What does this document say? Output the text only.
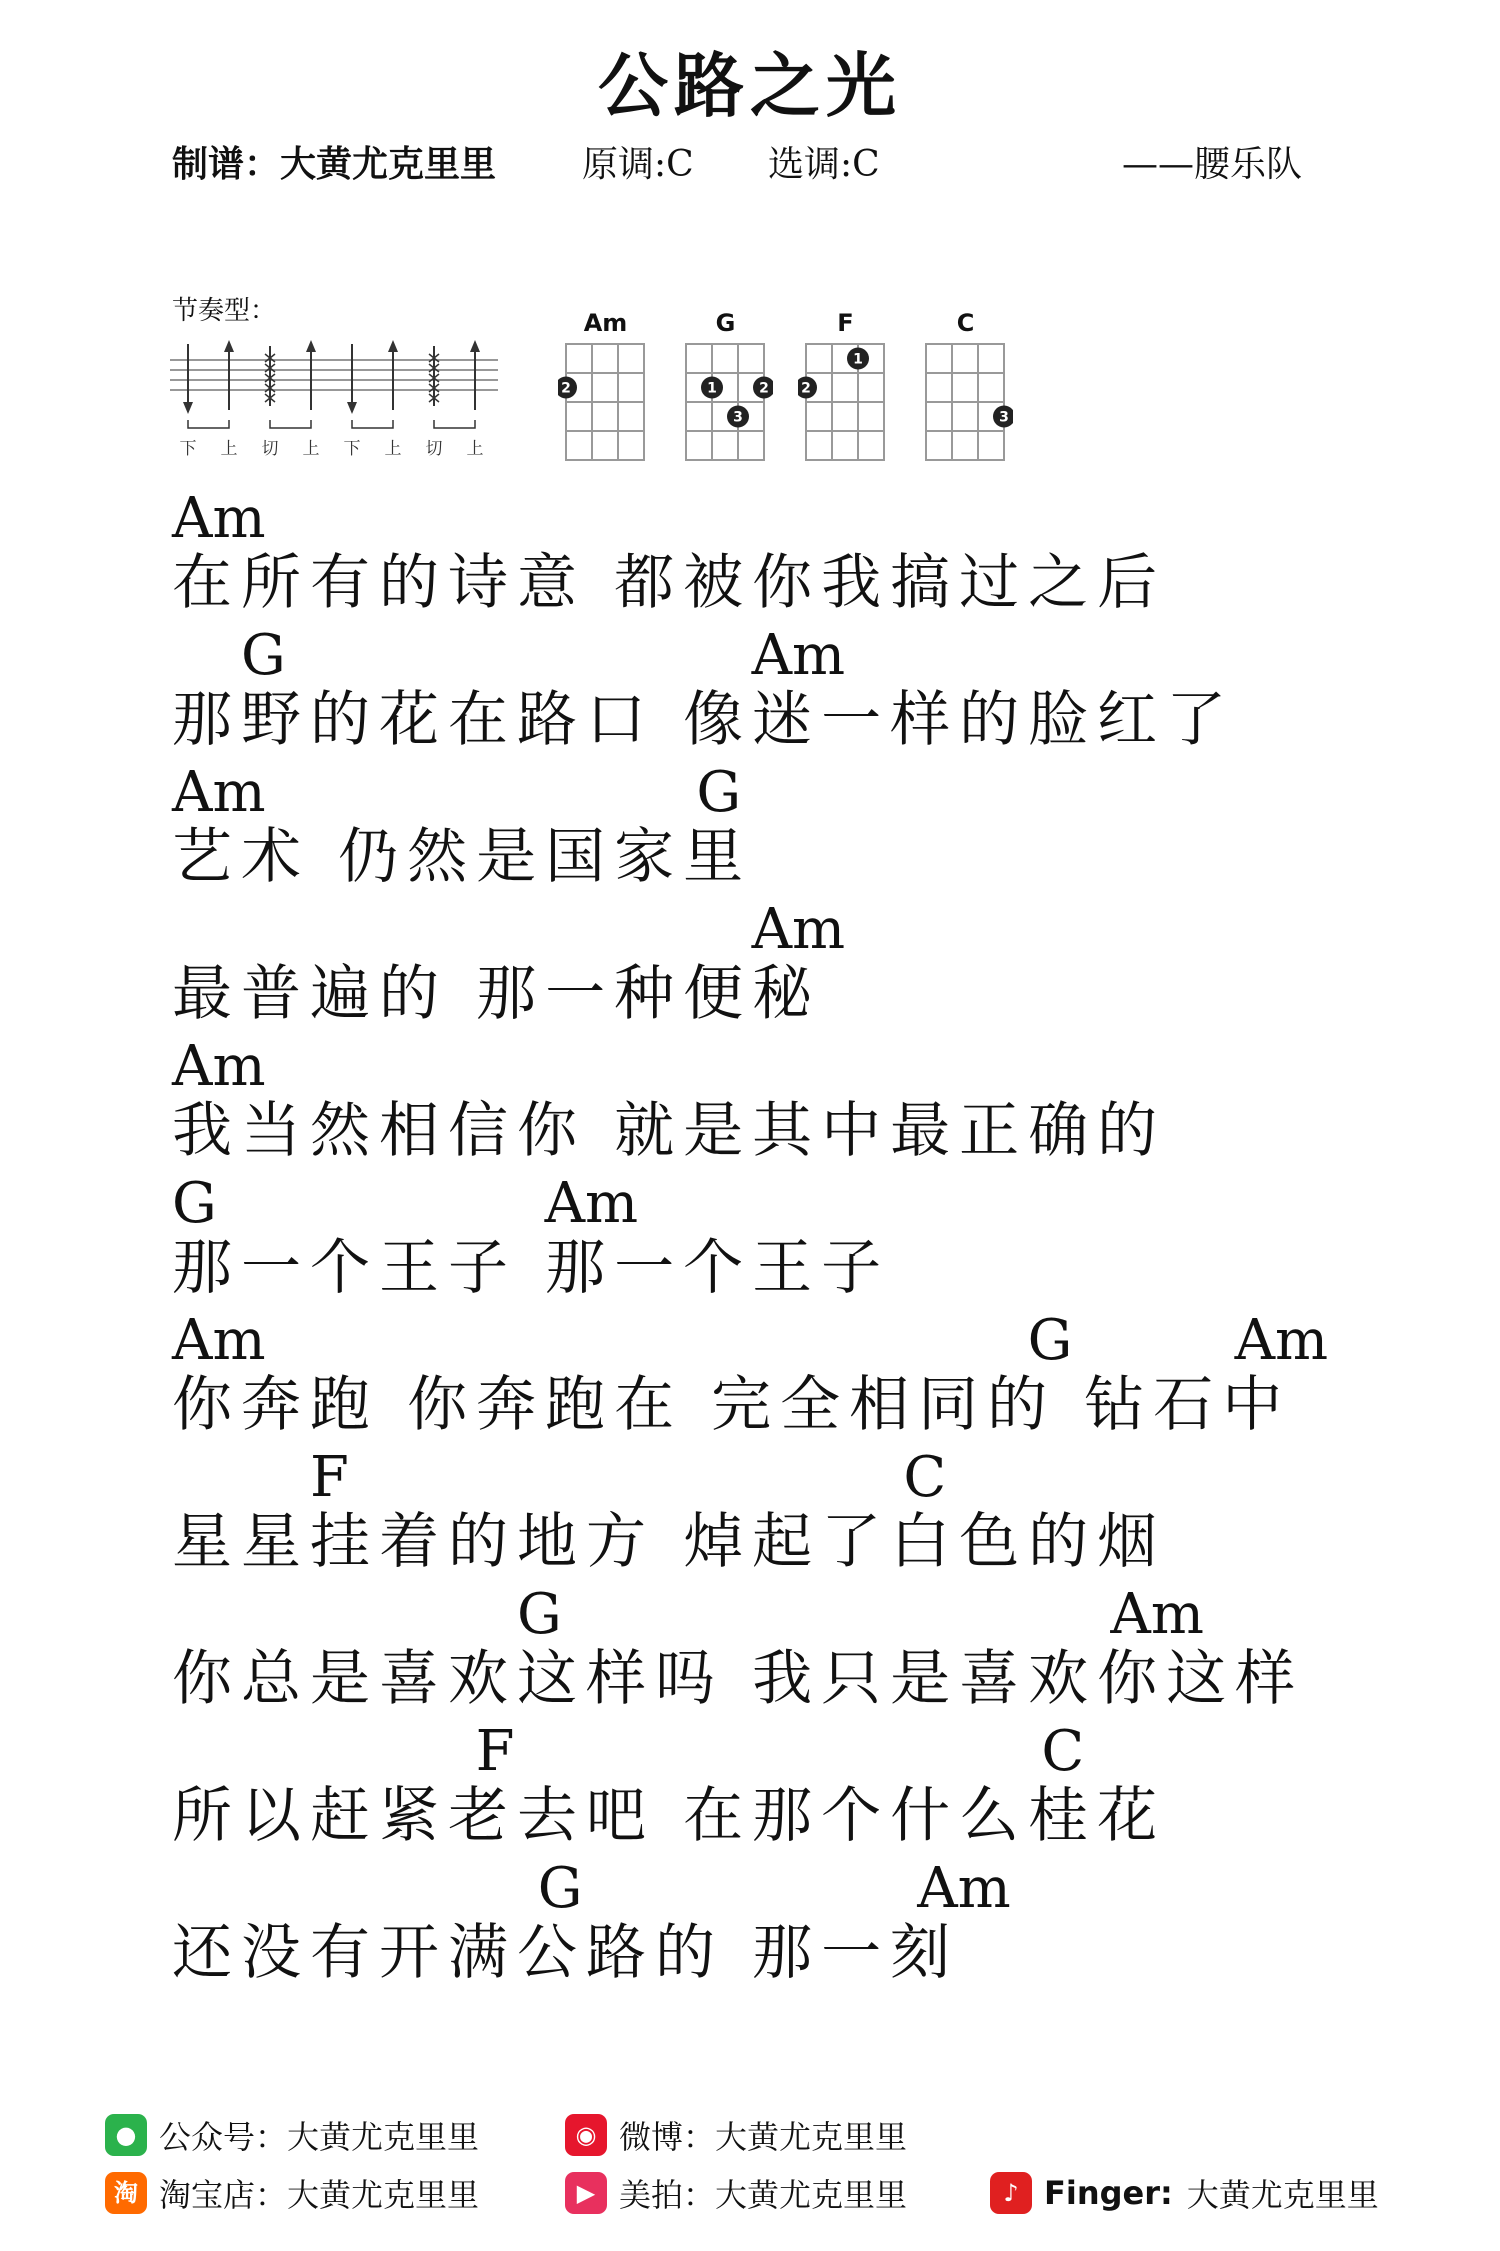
公路之光
制谱：大黄尤克里里 原调:C 选调:C	——腰乐队
节奏型：
下 上 切 上 下 上 切 上
Am
2
G
1	2
3
F
1
2
C
3
Am
在所有的诗意 都被你我搞过之后
G	Am
那野的花在路口 像迷一样的脸红了
Am	G
艺术 仍然是国家里
Am
最普遍的 那一种便秘
Am
我当然相信你 就是其中最正确的
G	Am
那一个王子 那一个王子
Am	G	Am
你奔跑 你奔跑在 完全相同的 钻石中
F	C
星星挂着的地方 焯起了白色的烟
G	Am
你总是喜欢这样吗 我只是喜欢你这样
F	C
所以赶紧老去吧 在那个什么桂花
G	Am
还没有开满公路的 那一刻
● 公众号：大黄尤克里里	◉ 微博：大黄尤克里里
淘 淘宝店：大黄尤克里里	▶ 美拍：大黄尤克里里	♪ Finger: 大黄尤克里里
